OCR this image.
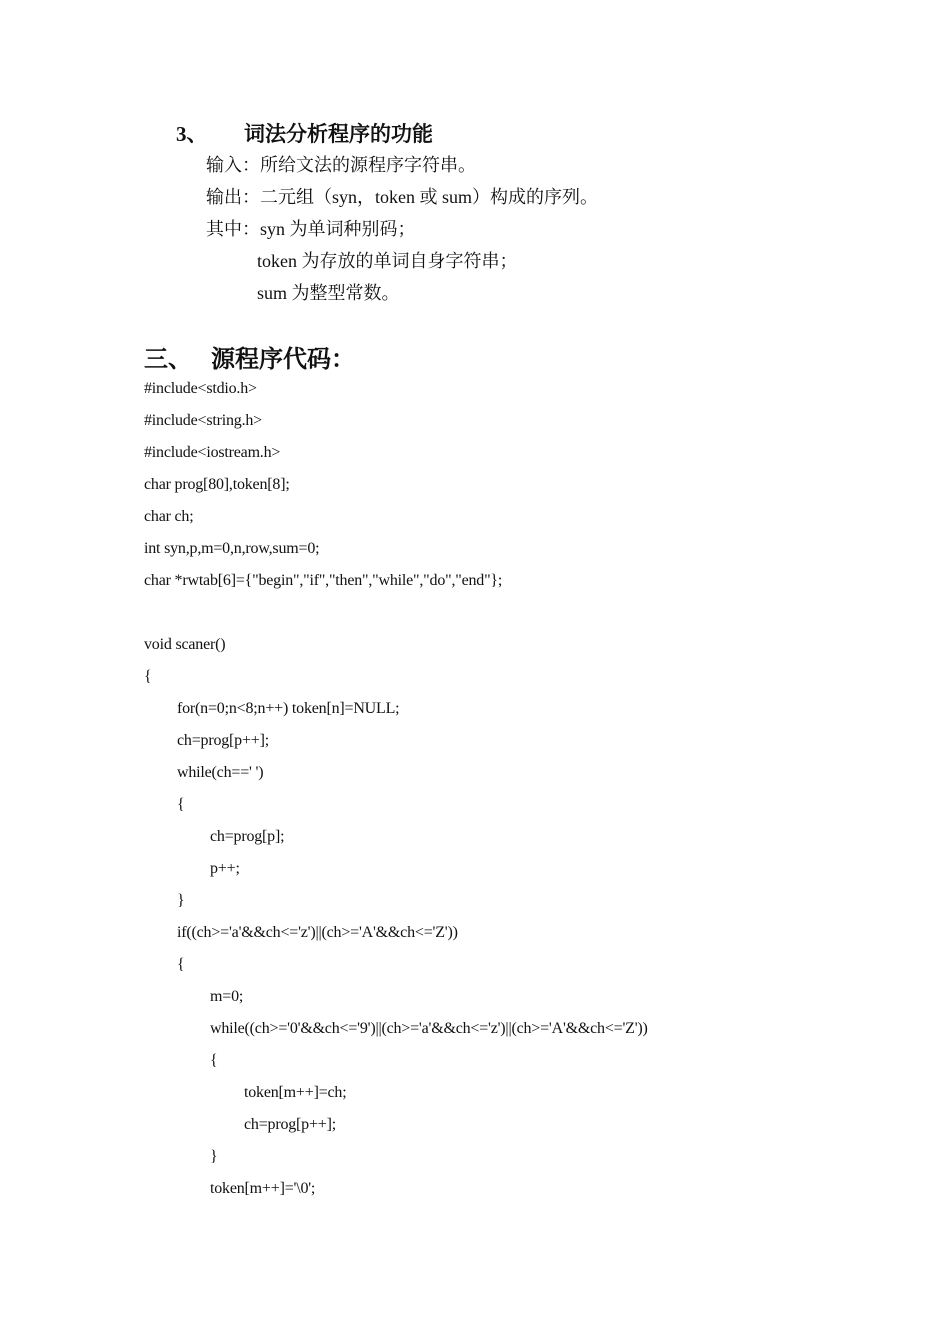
3、 词法分析程序的功能
输入：所给文法的源程序字符串。
输出：二元组（syn，token 或 sum）构成的序列。
其中：syn 为单词种别码；
token 为存放的单词自身字符串；
sum 为整型常数。
三、 源程序代码：
#include<stdio.h>
#include<string.h>
#include<iostream.h>
char prog[80],token[8];
char ch;
int syn,p,m=0,n,row,sum=0;
char *rwtab[6]={"begin","if","then","while","do","end"};
void scaner()
{
for(n=0;n<8;n++) token[n]=NULL;
ch=prog[p++];
while(ch==' ')
{
ch=prog[p];
p++;
}
if((ch>='a'&&ch<='z')||(ch>='A'&&ch<='Z'))
{
m=0;
while((ch>='0'&&ch<='9')||(ch>='a'&&ch<='z')||(ch>='A'&&ch<='Z'))
{
token[m++]=ch;
ch=prog[p++];
}
token[m++]='\0';
